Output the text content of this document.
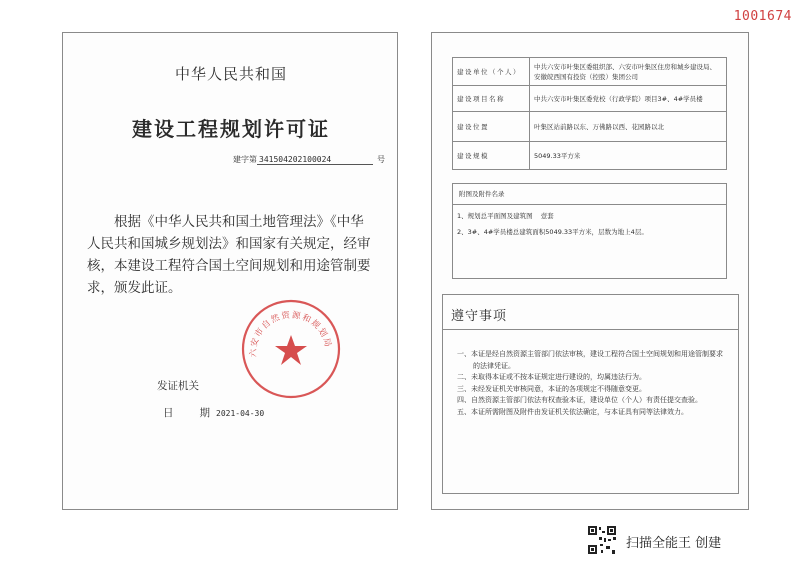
1001674
中华人民共和国
建设工程规划许可证
建字第 341504202100024	号
根据《中华人民共和国土地管理法》《中华人民共和国城乡规划法》和国家有关规定，经审核，本建设工程符合国土空间规划和用途管制要求，颁发此证。
六安市自然资源和规划局
发证机关
日 期 2021-04-30
建设单位（个人）	中共六安市叶集区委组织部、六安市叶集区住房和城乡建设局、安徽皖西国有投资（控股）集团公司
建设项目名称	中共六安市叶集区委党校（行政学院）项目3#、4#学员楼
建设位置	叶集区站前路以东、万佛路以西、花园路以北
建设规模	5049.33平方米
附图及附件名录
1、规划总平面图及建筑图 壹套
2、3#、4#学员楼总建筑面积5049.33平方米，层数为地上4层。
遵守事项
一、本证是经自然资源主管部门依法审核，建设工程符合国土空间规划和用途管制要求的法律凭证。
二、未取得本证或不按本证规定进行建设的，均属违法行为。
三、未经发证机关审核同意，本证的各项规定不得随意变更。
四、自然资源主管部门依法有权查验本证，建设单位（个人）有责任提交查验。
五、本证所需附图及附件由发证机关依法确定，与本证具有同等法律效力。
扫描全能王 创建
